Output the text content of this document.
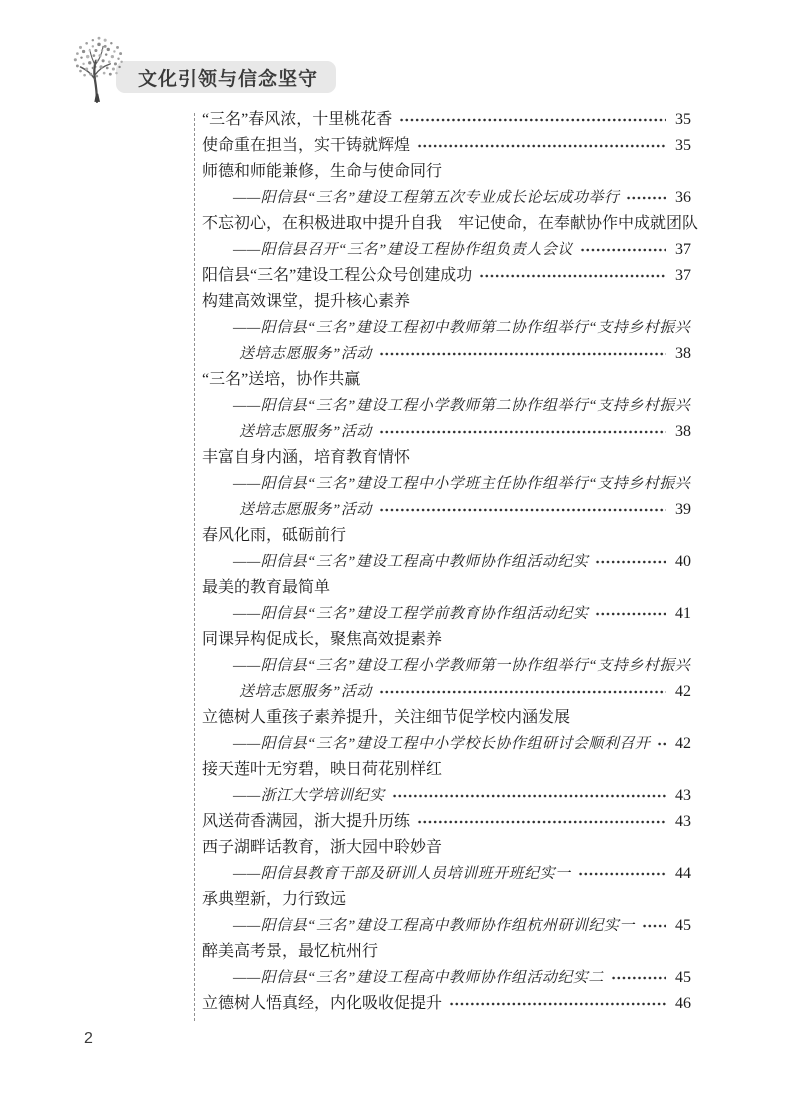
文化引领与信念坚守
“三名”春风浓，十里桃花香	35
使命重在担当，实干铸就辉煌	35
师德和师能兼修，生命与使命同行
——阳信县“三名”建设工程第五次专业成长论坛成功举行	36
不忘初心，在积极进取中提升自我　牢记使命，在奉献协作中成就团队
——阳信县召开“三名”建设工程协作组负责人会议	37
阳信县“三名”建设工程公众号创建成功	37
构建高效课堂，提升核心素养
——阳信县“三名”建设工程初中教师第二协作组举行“支持乡村振兴
送培志愿服务”活动	38
“三名”送培，协作共赢
——阳信县“三名”建设工程小学教师第二协作组举行“支持乡村振兴
送培志愿服务”活动	38
丰富自身内涵，培育教育情怀
——阳信县“三名”建设工程中小学班主任协作组举行“支持乡村振兴
送培志愿服务”活动	39
春风化雨，砥砺前行
——阳信县“三名”建设工程高中教师协作组活动纪实	40
最美的教育最简单
——阳信县“三名”建设工程学前教育协作组活动纪实	41
同课异构促成长，聚焦高效提素养
——阳信县“三名”建设工程小学教师第一协作组举行“支持乡村振兴
送培志愿服务”活动	42
立德树人重孩子素养提升，关注细节促学校内涵发展
——阳信县“三名”建设工程中小学校长协作组研讨会顺利召开 42
接天莲叶无穷碧，映日荷花别样红
——浙江大学培训纪实	43
风送荷香满园，浙大提升历练	43
西子湖畔话教育，浙大园中聆妙音
——阳信县教育干部及研训人员培训班开班纪实一	44
承典塑新，力行致远
——阳信县“三名”建设工程高中教师协作组杭州研训纪实一	45
醉美高考景，最忆杭州行
——阳信县“三名”建设工程高中教师协作组活动纪实二	45
立德树人悟真经，内化吸收促提升	46
2
